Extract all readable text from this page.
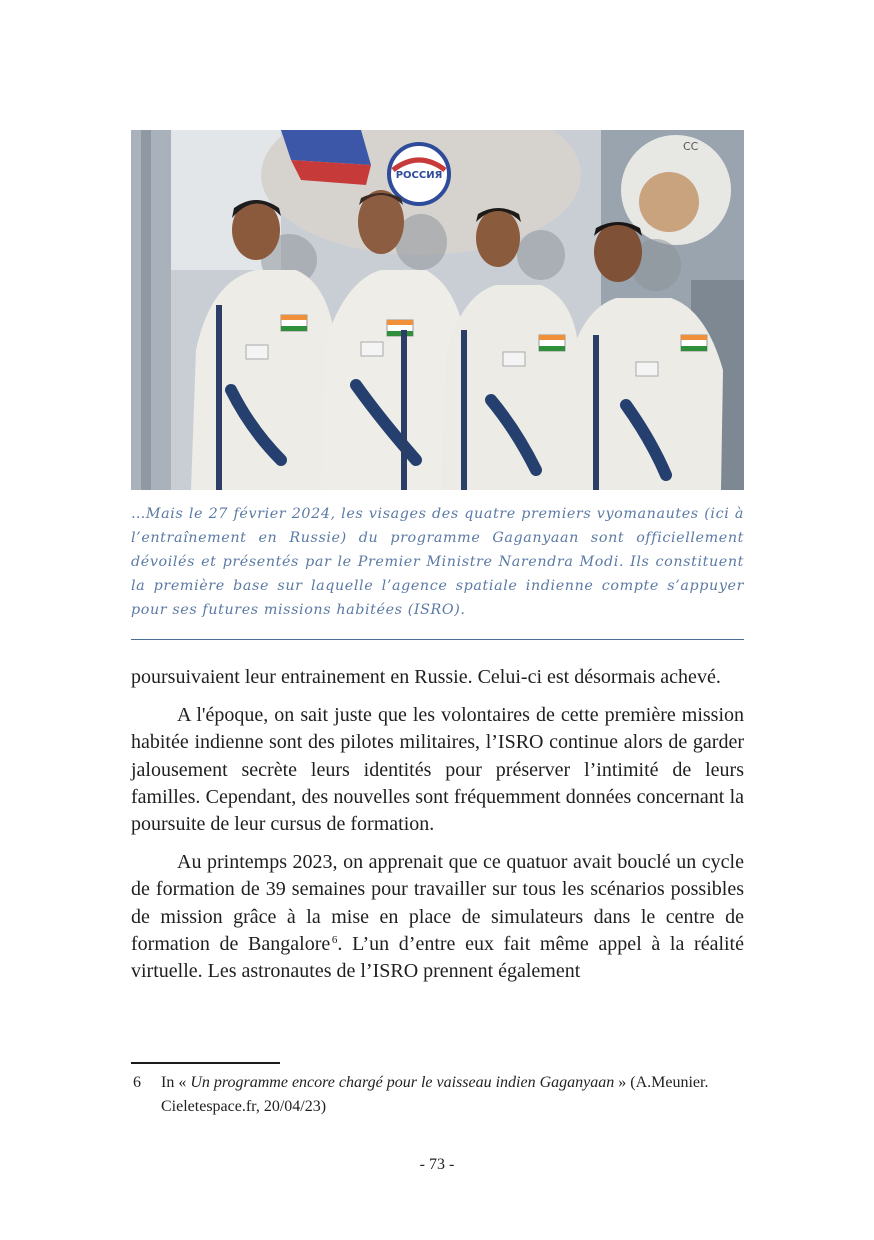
РОССИЯ
CC
…Mais le 27 février 2024, les visages des quatre premiers vyomanautes (ici à l’entraînement en Russie) du programme Gaganyaan sont officiellement dévoilés et présentés par le Premier Ministre Narendra Modi. Ils constituent la première base sur laquelle l’agence spatiale indienne compte s’appuyer pour ses futures missions habitées (ISRO).

poursuivaient leur entrainement en Russie. Celui-ci est désormais achevé.

A l'époque, on sait juste que les volontaires de cette première mission habitée indienne sont des pilotes militaires, l’ISRO continue alors de garder jalousement secrète leurs identités pour préserver l’intimité de leurs familles. Cependant, des nouvelles sont fréquemment données concernant la poursuite de leur cursus de formation.

Au printemps 2023, on apprenait que ce quatuor avait bouclé un cycle de formation de 39 semaines pour travailler sur tous les scénarios possibles de mission grâce à la mise en place de simulateurs dans le centre de formation de Bangalore  $^6$. L’un d’entre eux fait même appel à la réalité virtuelle. Les astronautes de l’ISRO prennent également

6 In « Un programme encore chargé pour le vaisseau indien Gaganyaan » (A.Meunier. Cieletespace.fr, 20/04/23)
- 73 -
